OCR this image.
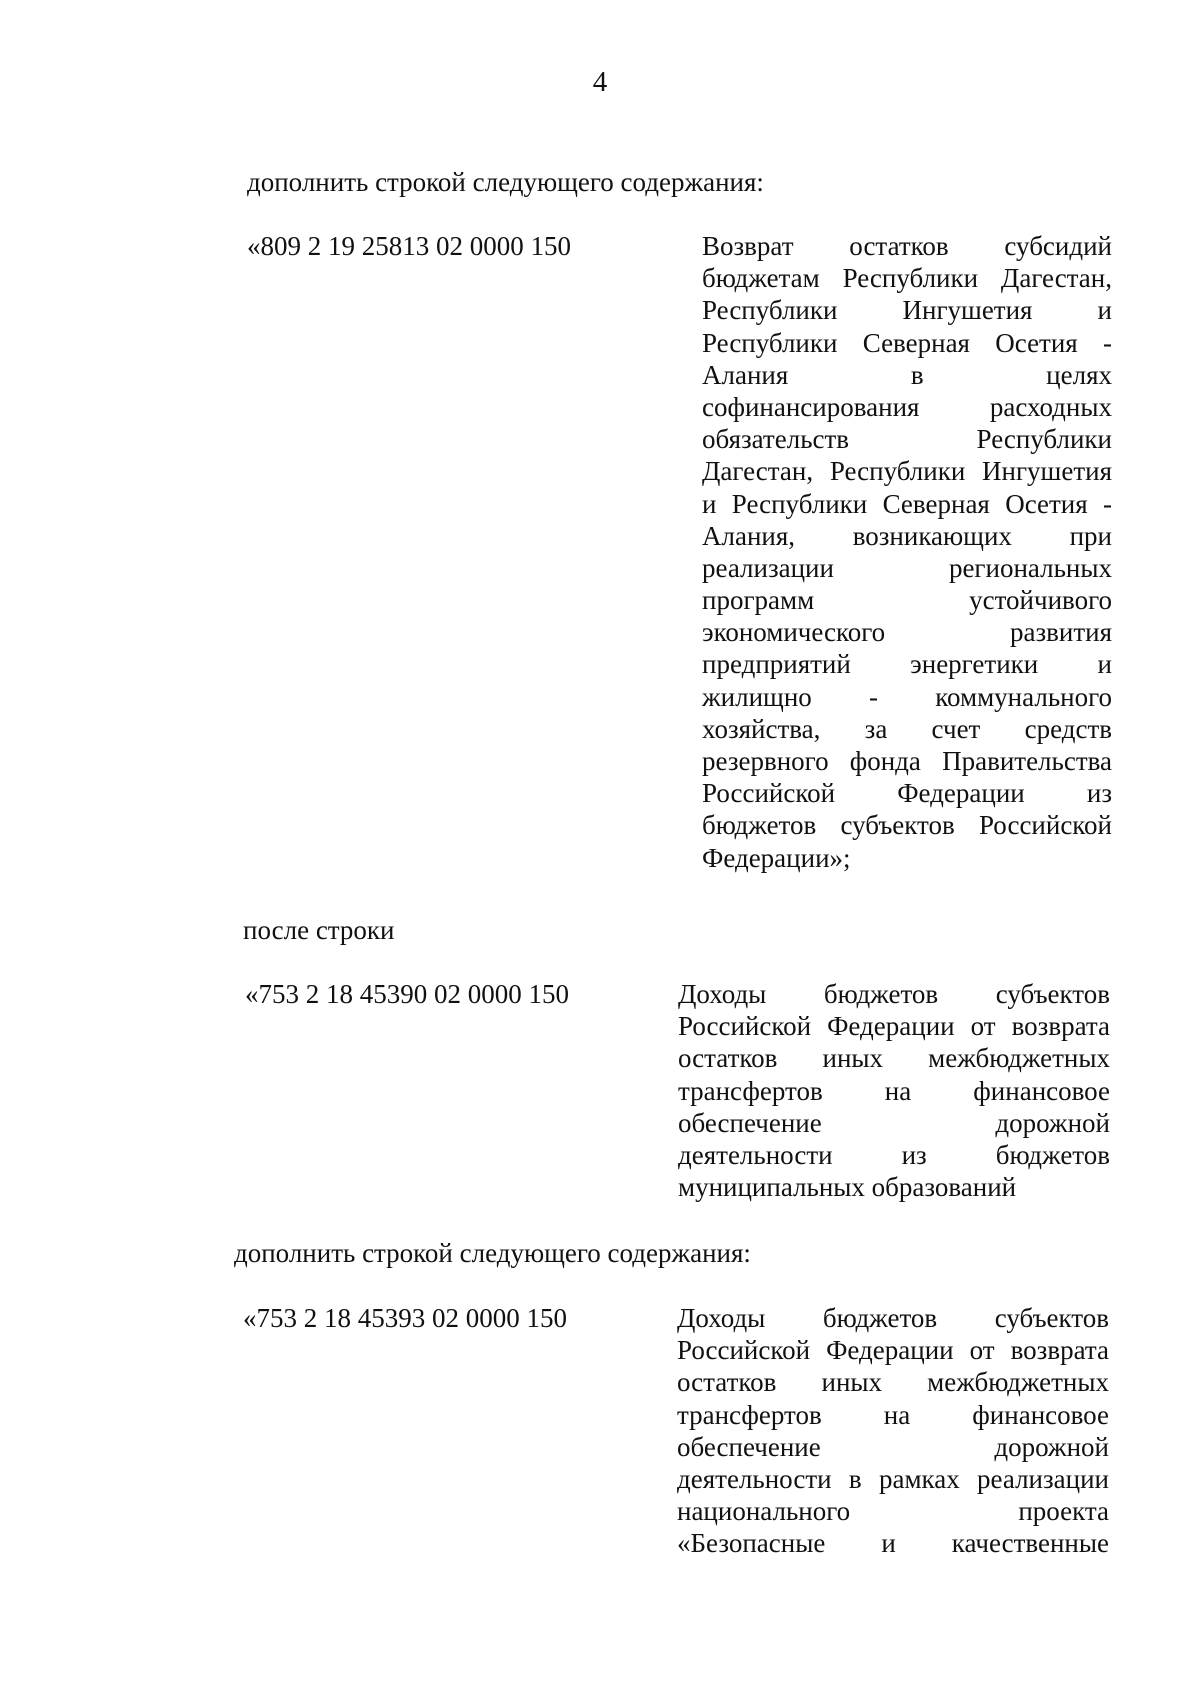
4
дополнить строкой следующего содержания:
«809 2 19 25813 02 0000 150	Возврат остатков субсидий
бюджетам Республики Дагестан,
Республики Ингушетия и
Республики Северная Осетия -
Алания в целях
софинансирования расходных
обязательств Республики
Дагестан, Республики Ингушетия
и Республики Северная Осетия -
Алания, возникающих при
реализации региональных
программ устойчивого
экономического развития
предприятий энергетики и
жилищно - коммунального
хозяйства, за счет средств
резервного фонда Правительства
Российской Федерации из
бюджетов субъектов Российской
Федерации»;
после строки
«753 2 18 45390 02 0000 150	Доходы бюджетов субъектов
Российской Федерации от возврата
остатков иных межбюджетных
трансфертов на финансовое
обеспечение дорожной
деятельности из бюджетов
муниципальных образований
дополнить строкой следующего содержания:
«753 2 18 45393 02 0000 150	Доходы бюджетов субъектов
Российской Федерации от возврата
остатков иных межбюджетных
трансфертов на финансовое
обеспечение дорожной
деятельности в рамках реализации
национального проекта
«Безопасные и качественные
